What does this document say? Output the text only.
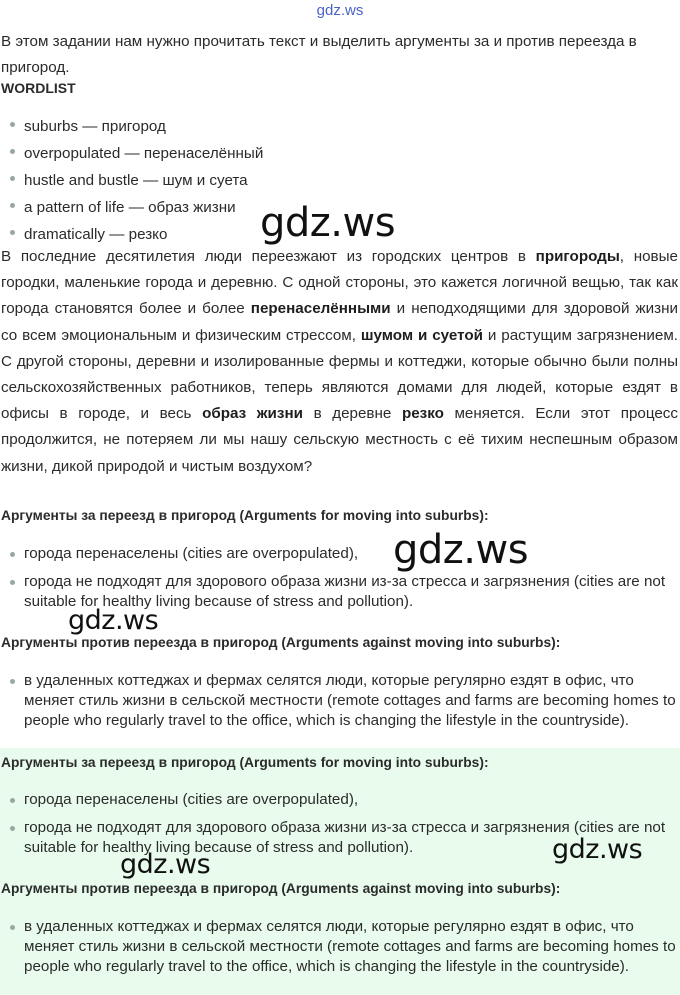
gdz.ws

В этом задании нам нужно прочитать текст и выделить аргументы за и против переезда в пригород.

WORDLIST

suburbs — пригород
overpopulated — перенаселённый
hustle and bustle — шум и суета
a pattern of life — образ жизни
dramatically — резко

В последние десятилетия люди переезжают из городских центров в пригороды, новые городки, маленькие города и деревню. С одной стороны, это кажется логичной вещью, так как города становятся более и более перенаселёнными и неподходящими для здоровой жизни со всем эмоциональным и физическим стрессом, шумом и суетой и растущим загрязнением. С другой стороны, деревни и изолированные фермы и коттеджи, которые обычно были полны сельскохозяйственных работников, теперь являются домами для людей, которые ездят в офисы в городе, и весь образ жизни в деревне резко меняется. Если этот процесс продолжится, не потеряем ли мы нашу сельскую местность с её тихим неспешным образом жизни, дикой природой и чистым воздухом?

Аргументы за переезд в пригород (Arguments for moving into suburbs):

города перенаселены (cities are overpopulated),
города не подходят для здорового образа жизни из-за стресса и загрязнения (cities are not suitable for healthy living because of stress and pollution).

Аргументы против переезда в пригород (Arguments against moving into suburbs):

в удаленных коттеджах и фермах селятся люди, которые регулярно ездят в офис, что меняет стиль жизни в сельской местности (remote cottages and farms are becoming homes to people who regularly travel to the office, which is changing the lifestyle in the countryside).

Аргументы за переезд в пригород (Arguments for moving into suburbs):

города перенаселены (cities are overpopulated),
города не подходят для здорового образа жизни из-за стресса и загрязнения (cities are not suitable for healthy living because of stress and pollution).

Аргументы против переезда в пригород (Arguments against moving into suburbs):

в удаленных коттеджах и фермах селятся люди, которые регулярно ездят в офис, что меняет стиль жизни в сельской местности (remote cottages and farms are becoming homes to people who regularly travel to the office, which is changing the lifestyle in the countryside).
gdz.ws
gdz.ws
gdz.ws
gdz.ws	gdz.ws
